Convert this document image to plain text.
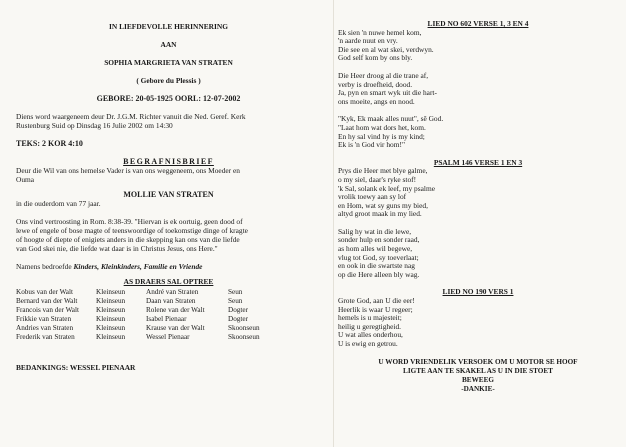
IN LIEFDEVOLLE HERINNERING
AAN
SOPHIA MARGRIETA VAN STRATEN
( Gebore du Plessis )
GEBORE: 20-05-1925 OORL: 12-07-2002
Diens word waargeneem deur Dr. J.G.M. Richter vanuit die Ned. Geref. Kerk
Rustenburg Suid op Dinsdag 16 Julie 2002 om 14:30
TEKS: 2 KOR 4:10
BEGRAFNISBRIEF
Deur die Wil van ons hemelse Vader is van ons weggeneem, ons Moeder en
Ouma
MOLLIE VAN STRATEN
in die ouderdom van 77 jaar.
Ons vind vertroosting in Rom. 8:38-39. "Hiervan is ek oortuig, geen dood of
lewe of engele of bose magte of teenswoordige of toekomstige dinge of kragte
of hoogte of diepte of enigiets anders in die skepping kan ons van die liefde
van God skei nie, die liefde wat daar is in Christus Jesus, ons Here."
Namens bedroefde Kinders, Kleinkinders, Familie en Vriende
AS DRAERS SAL OPTREE
Kobus van der Walt	Kleinseun	André van Straten	Seun
Bernard van der Walt	Kleinseun	Daan van Straten	Seun
Francois van der Walt	Kleinseun	Rolene van der Walt	Dogter
Frikkie van Straten	Kleinseun	Isabel Pienaar	Dogter
Andries van Straten	Kleinseun	Krause van der Walt	Skoonseun
Frederik van Straten	Kleinseun	Wessel Pienaar	Skoonseun
BEDANKINGS: WESSEL PIENAAR
LIED NO 602 VERSE 1, 3 EN 4
Ek sien 'n nuwe hemel kom,
'n aarde nuut en vry.
Die see en al wat skei, verdwyn.
God self kom by ons bly.
Die Heer droog al die trane af,
verby is droefheid, dood.
Ja, pyn en smart wyk uit die hart-
ons moeite, angs en nood.
"Kyk, Ek maak alles nuut", sê God.
"Laat hom wat dors het, kom.
En hy sal vind hy is my kind;
Ek is 'n God vir hom!"
PSALM 146 VERSE 1 EN 3
Prys die Heer met blye galme,
o my siel, daar's ryke stof!
'k Sal, solank ek leef, my psalme
vrolik toewy aan sy lof
en Hom, wat sy guns my bied,
altyd groot maak in my lied.
Salig hy wat in die lewe,
sonder hulp en sonder raad,
as hom alles wil begewe,
vlug tot God, sy toeverlaat;
en ook in die swartste nag
op die Here alleen bly wag.
LIED NO 190 VERS 1
Grote God, aan U die eer!
Heerlik is waar U regeer;
hemels is u majesteit;
heilig u geregtigheid.
U wat alles onderhou,
U is ewig en getrou.
U WORD VRIENDELIK VERSOEK OM U MOTOR SE HOOF
LIGTE AAN TE SKAKEL AS U IN DIE STOET
BEWEEG
-DANKIE-
